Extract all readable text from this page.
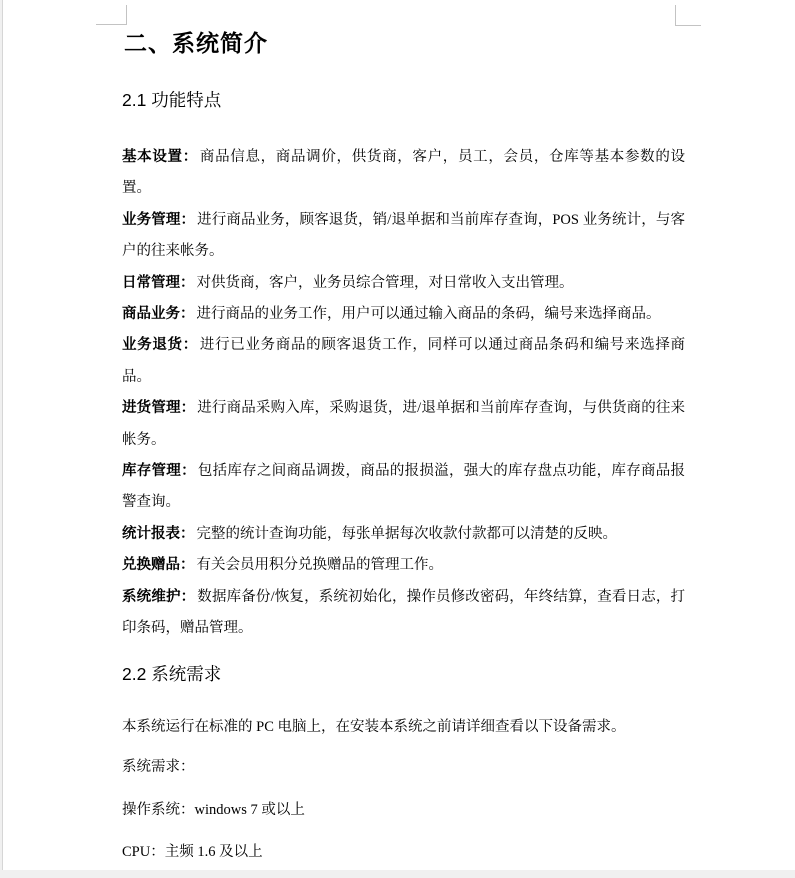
二、系统简介
2.1 功能特点

基本设置： 商品信息，商品调价，供货商，客户，员工，会员，仓库等基本参数的设置。

业务管理： 进行商品业务，顾客退货，销/退单据和当前库存查询，POS 业务统计，与客户的往来帐务。

日常管理： 对供货商，客户，业务员综合管理，对日常收入支出管理。

商品业务： 进行商品的业务工作，用户可以通过输入商品的条码，编号来选择商品。

业务退货： 进行已业务商品的顾客退货工作，同样可以通过商品条码和编号来选择商品。

进货管理： 进行商品采购入库，采购退货，进/退单据和当前库存查询，与供货商的往来帐务。

库存管理： 包括库存之间商品调拨，商品的报损溢，强大的库存盘点功能，库存商品报警查询。

统计报表： 完整的统计查询功能，每张单据每次收款付款都可以清楚的反映。

兑换赠品： 有关会员用积分兑换赠品的管理工作。

系统维护： 数据库备份/恢复，系统初始化，操作员修改密码，年终结算，查看日志，打印条码，赠品管理。

2.2 系统需求

本系统运行在标准的 PC 电脑上，在安装本系统之前请详细查看以下设备需求。

系统需求：

操作系统：windows 7 或以上

CPU：主频 1.6 及以上
